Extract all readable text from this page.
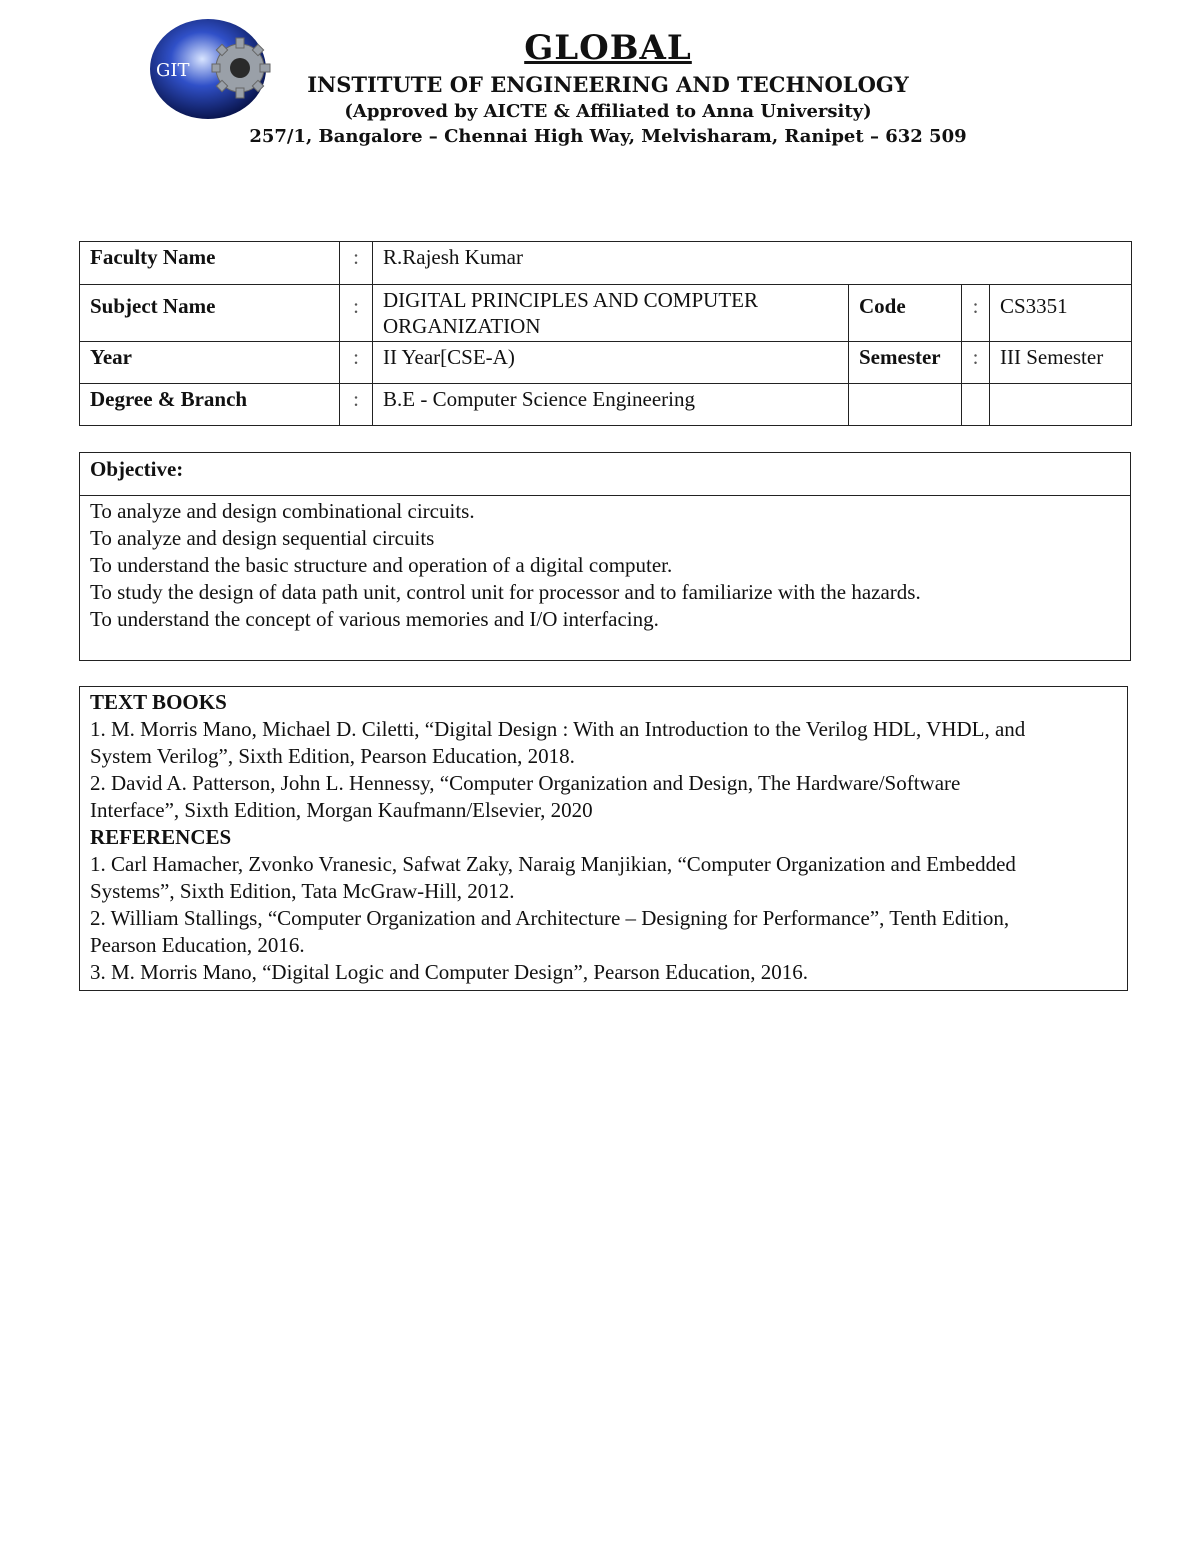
GIT
GLOBAL
INSTITUTE OF ENGINEERING AND TECHNOLOGY
(Approved by AICTE & Affiliated to Anna University)
257/1, Bangalore – Chennai High Way, Melvisharam, Ranipet – 632 509
Faculty Name	:	R.Rajesh Kumar			
Subject Name	:	DIGITAL PRINCIPLES AND COMPUTER ORGANIZATION	Code	:	CS3351
Year	:	II Year[CSE-A)	Semester	:	III Semester
Degree & Branch	:	B.E - Computer Science Engineering			
Objective:
To analyze and design combinational circuits.
To analyze and design sequential circuits
To understand the basic structure and operation of a digital computer.
To study the design of data path unit, control unit for processor and to familiarize with the hazards.
To understand the concept of various memories and I/O interfacing.
TEXT BOOKS
1. M. Morris Mano, Michael D. Ciletti, “Digital Design : With an Introduction to the Verilog HDL, VHDL, and System Verilog”, Sixth Edition, Pearson Education, 2018.
2. David A. Patterson, John L. Hennessy, “Computer Organization and Design, The Hardware/Software Interface”, Sixth Edition, Morgan Kaufmann/Elsevier, 2020
REFERENCES
1. Carl Hamacher, Zvonko Vranesic, Safwat Zaky, Naraig Manjikian, “Computer Organization and Embedded Systems”, Sixth Edition, Tata McGraw-Hill, 2012.
2. William Stallings, “Computer Organization and Architecture – Designing for Performance”, Tenth Edition, Pearson Education, 2016.
3. M. Morris Mano, “Digital Logic and Computer Design”, Pearson Education, 2016.
